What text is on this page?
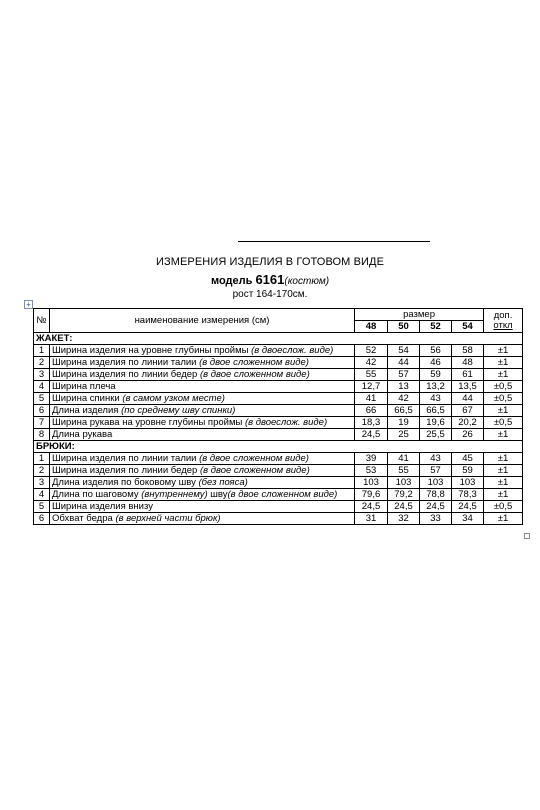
ИЗМЕРЕНИЯ ИЗДЕЛИЯ В ГОТОВОМ ВИДЕ
модель 6161(костюм)
рост 164-170см.
+
№	наименование измерения (см)	размер				доп.
откл
		48	50	52	54	
ЖАКЕТ:						
1	Ширина изделия на уровне глубины проймы (в двоеслож. виде)	52	54	56	58	±1
2	Ширина изделия по линии талии (в двое сложенном виде)	42	44	46	48	±1
3	Ширина изделия по линии бедер (в двое сложенном виде)	55	57	59	61	±1
4	Ширина плеча	12,7	13	13,2	13,5	±0,5
5	Ширина спинки (в самом узком месте)	41	42	43	44	±0,5
6	Длина изделия (по среднему шву спинки)	66	66,5	66,5	67	±1
7	Ширина рукава на уровне глубины проймы (в двоеслож. виде)	18,3	19	19,6	20,2	±0,5
8	Длина рукава	24,5	25	25,5	26	±1
БРЮКИ:						
1	Ширина изделия по линии талии (в двое сложенном виде)	39	41	43	45	±1
2	Ширина изделия по линии бедер (в двое сложенном виде)	53	55	57	59	±1
3	Длина изделия по боковому шву (без пояса)	103	103	103	103	±1
4	Длина по шаговому (внутреннему) шву(в двое сложенном виде)	79,6	79,2	78,8	78,3	±1
5	Ширина изделия внизу	24,5	24,5	24,5	24,5	±0,5
6	Обхват бедра (в верхней части брюк)	31	32	33	34	±1
